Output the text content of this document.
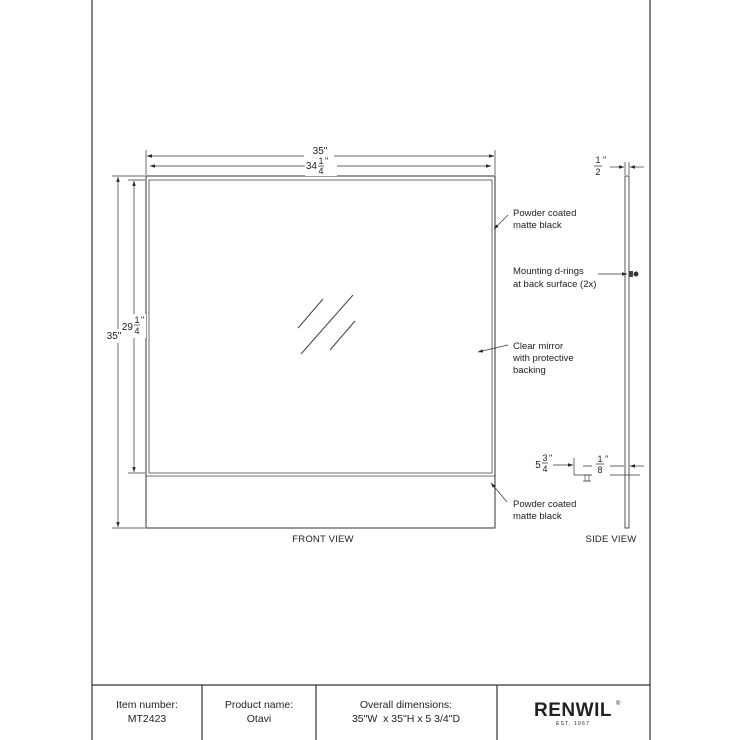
35"
34 1
4
"
35"
29
1
4
"
Powder coated
matte black
Clear mirror
with protective
backing
Powder coated
matte black
FRONT VIEW
1
2
"
Mounting d-rings
at back surface (2x)
5
3
4
"	1
8
"
SIDE VIEW
Item number:
MT2423
Product name:
Otavi
Overall dimensions:
35"W  x 35"H x 5 3/4"D	RENWIL ®
EST. 1967
